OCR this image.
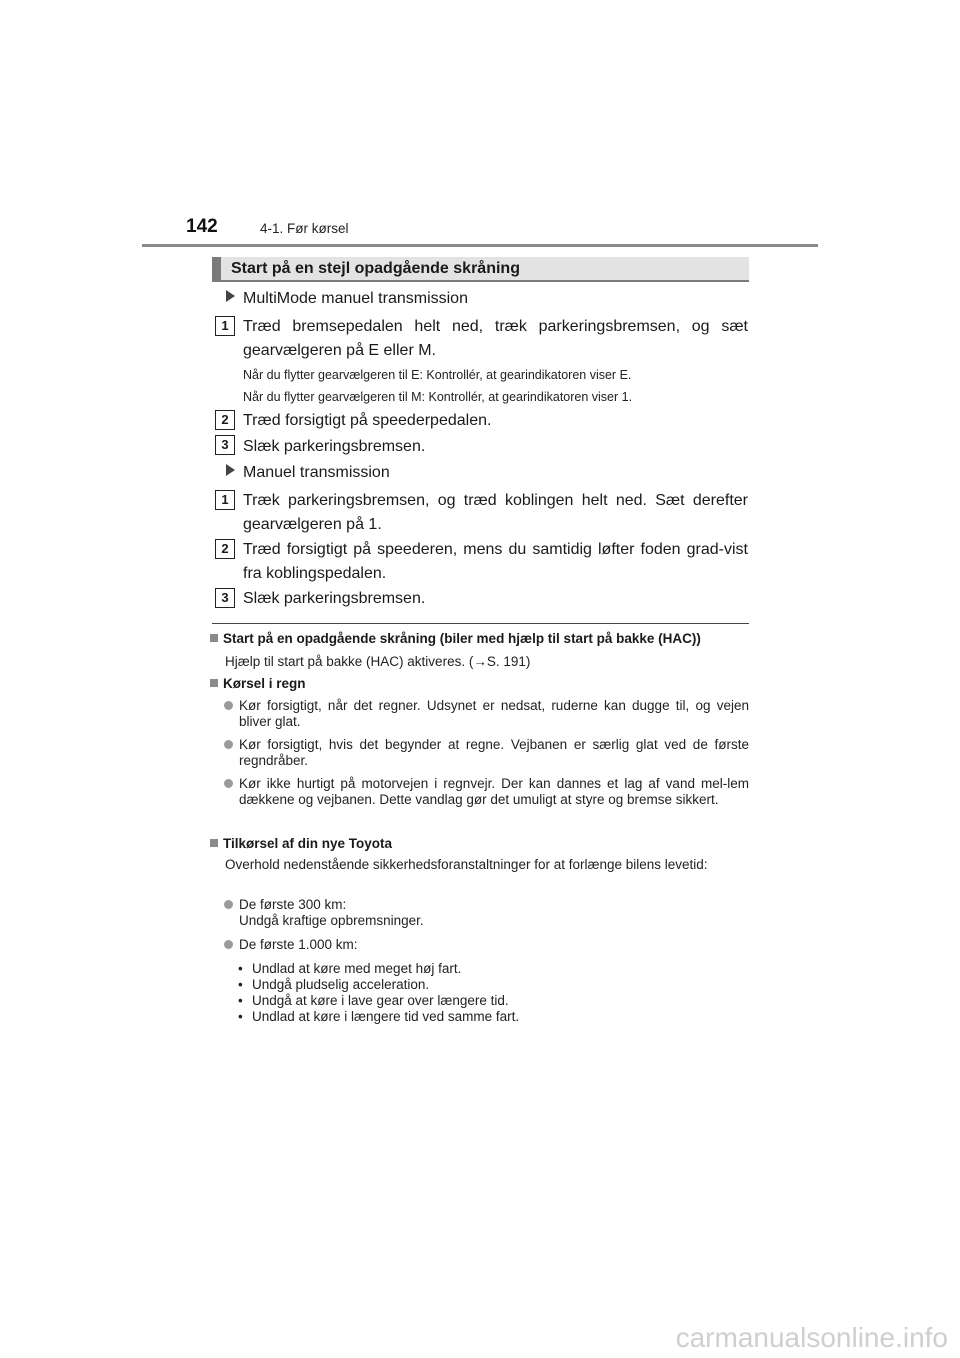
142	4-1. Før kørsel
Start på en stejl opadgående skråning
MultiMode manuel transmission
1 Træd bremsepedalen helt ned, træk parkeringsbremsen, og sæt gearvælgeren på E eller M.
Når du flytter gearvælgeren til E: Kontrollér, at gearindikatoren viser E.
Når du flytter gearvælgeren til M: Kontrollér, at gearindikatoren viser 1.
2 Træd forsigtigt på speederpedalen.
3 Slæk parkeringsbremsen.
Manuel transmission
1 Træk parkeringsbremsen, og træd koblingen helt ned. Sæt derefter gearvælgeren på 1.
2 Træd forsigtigt på speederen, mens du samtidig løfter foden grad-vist fra koblingspedalen.
3 Slæk parkeringsbremsen.
Start på en opadgående skråning (biler med hjælp til start på bakke (HAC))
Hjælp til start på bakke (HAC) aktiveres. (→S. 191)
Kørsel i regn
Kør forsigtigt, når det regner. Udsynet er nedsat, ruderne kan dugge til, og vejen bliver glat.
Kør forsigtigt, hvis det begynder at regne. Vejbanen er særlig glat ved de første regndråber.
Kør ikke hurtigt på motorvejen i regnvejr. Der kan dannes et lag af vand mel-lem dækkene og vejbanen. Dette vandlag gør det umuligt at styre og bremse sikkert.
Tilkørsel af din nye Toyota
Overhold nedenstående sikkerhedsforanstaltninger for at forlænge bilens levetid:
De første 300 km:
Undgå kraftige opbremsninger.
De første 1.000 km:
• Undlad at køre med meget høj fart.
• Undgå pludselig acceleration.
• Undgå at køre i lave gear over længere tid.
• Undlad at køre i længere tid ved samme fart.
carmanualsonline.info
